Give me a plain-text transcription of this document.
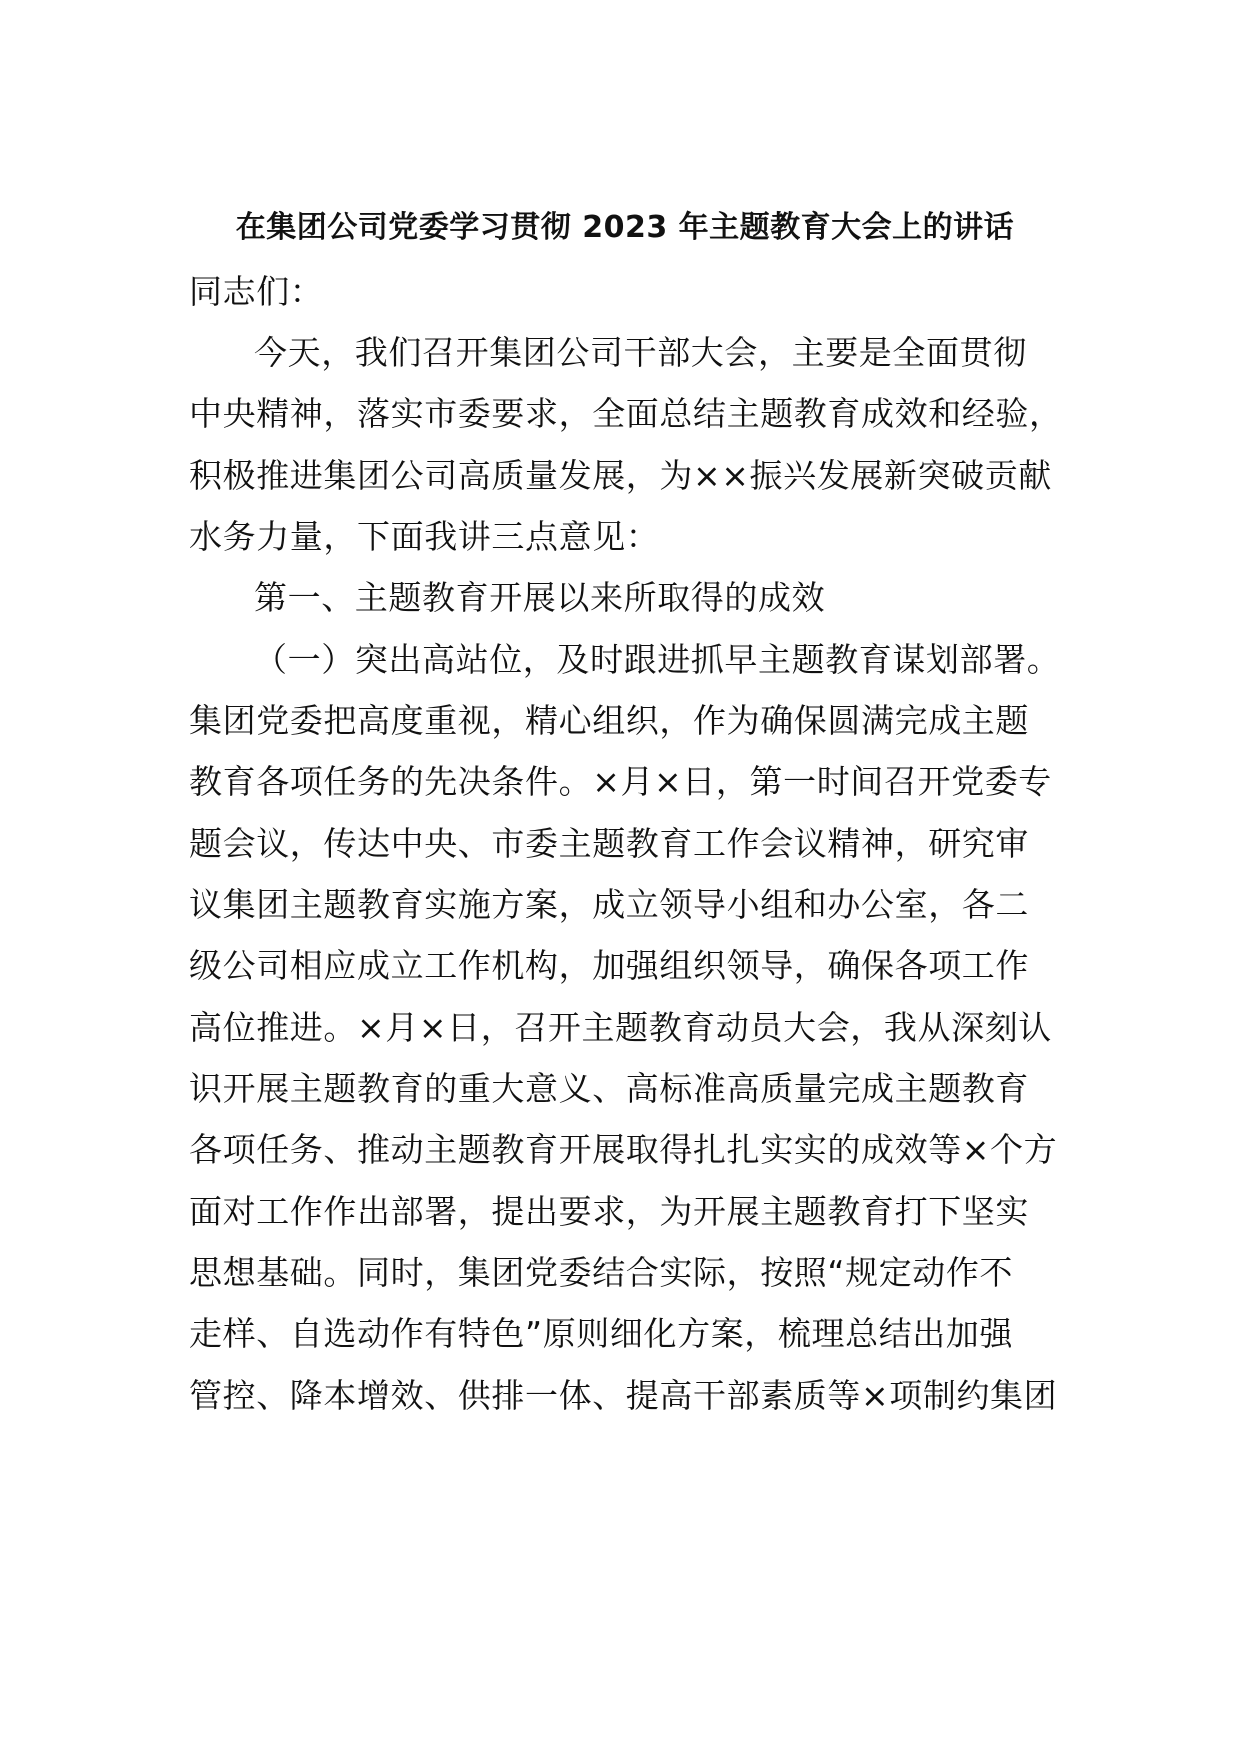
在集团公司党委学习贯彻 2023 年主题教育大会上的讲话
同志们：
今天，我们召开集团公司干部大会，主要是全面贯彻
中央精神，落实市委要求，全面总结主题教育成效和经验，
积极推进集团公司高质量发展，为××振兴发展新突破贡献
水务力量，下面我讲三点意见：
第一、主题教育开展以来所取得的成效
（一）突出高站位，及时跟进抓早主题教育谋划部署。
集团党委把高度重视，精心组织，作为确保圆满完成主题
教育各项任务的先决条件。×月×日，第一时间召开党委专
题会议，传达中央、市委主题教育工作会议精神，研究审
议集团主题教育实施方案，成立领导小组和办公室，各二
级公司相应成立工作机构，加强组织领导，确保各项工作
高位推进。×月×日，召开主题教育动员大会，我从深刻认
识开展主题教育的重大意义、高标准高质量完成主题教育
各项任务、推动主题教育开展取得扎扎实实的成效等×个方
面对工作作出部署，提出要求，为开展主题教育打下坚实
思想基础。同时，集团党委结合实际，按照“规定动作不
走样、自选动作有特色”原则细化方案，梳理总结出加强
管控、降本增效、供排一体、提高干部素质等×项制约集团
